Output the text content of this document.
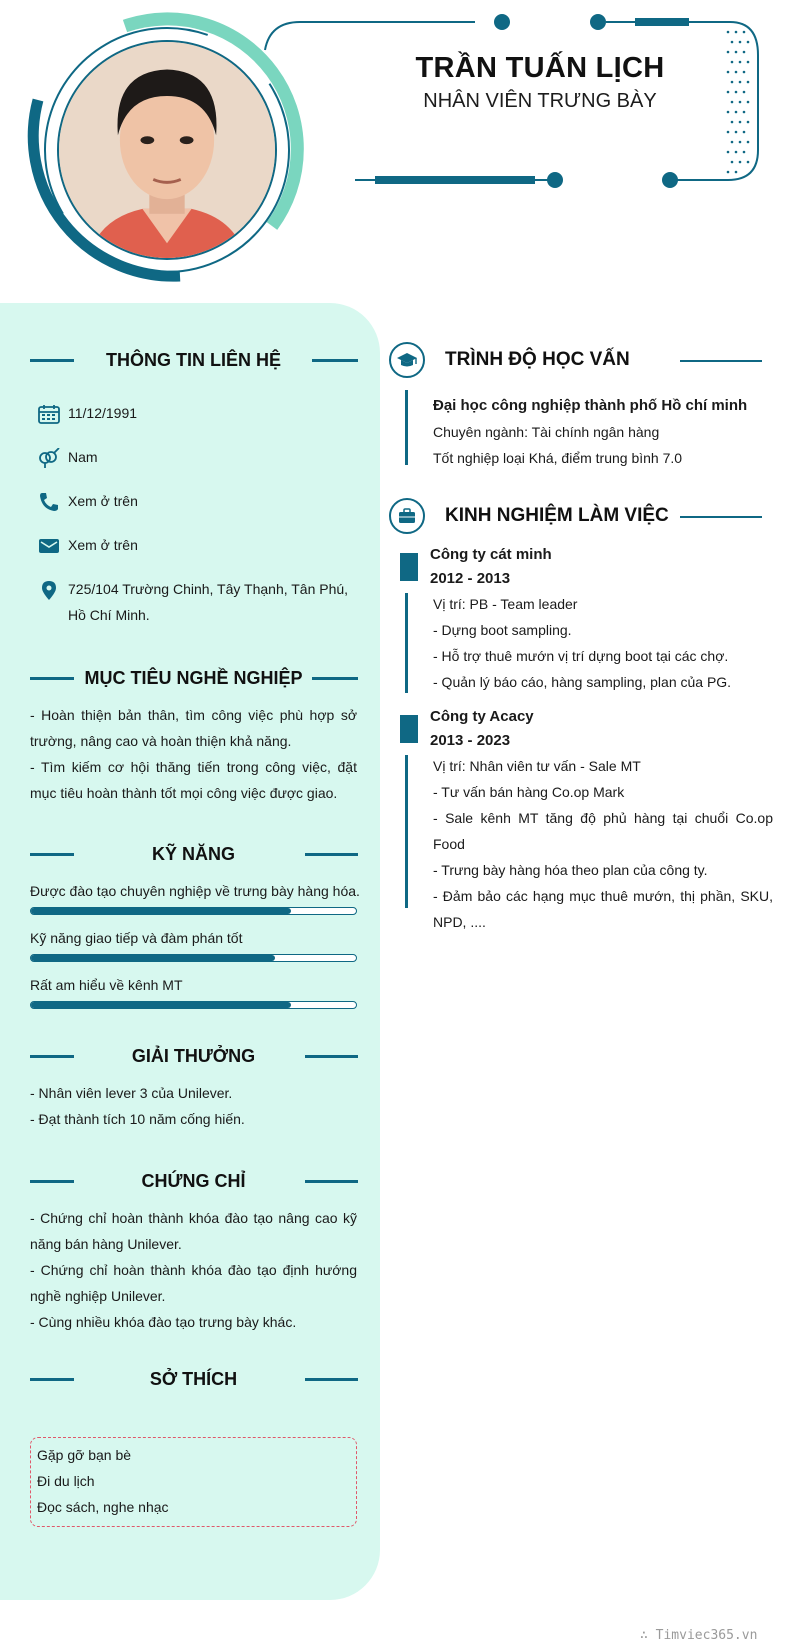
TRẦN TUẤN LỊCH
NHÂN VIÊN TRƯNG BÀY
THÔNG TIN LIÊN HỆ
11/12/1991
Nam
Xem ở trên
Xem ở trên
725/104 Trường Chinh, Tây Thạnh, Tân Phú, Hồ Chí Minh.
MỤC TIÊU NGHỀ NGHIỆP

- Hoàn thiện bản thân, tìm công việc phù hợp sở trường, nâng cao và hoàn thiện khả năng.

- Tìm kiếm cơ hội thăng tiến trong công việc, đặt mục tiêu hoàn thành tốt mọi công việc được giao.

KỸ NĂNG
Được đào tạo chuyên nghiệp về trưng bày hàng hóa.
Kỹ năng giao tiếp và đàm phán tốt
Rất am hiểu về kênh MT
GIẢI THƯỞNG

- Nhân viên lever 3 của Unilever.

- Đạt thành tích 10 năm cống hiến.

CHỨNG CHỈ

- Chứng chỉ hoàn thành khóa đào tạo nâng cao kỹ năng bán hàng Unilever.

- Chứng chỉ hoàn thành khóa đào tạo định hướng nghề nghiệp Unilever.

- Cùng nhiều khóa đào tạo trưng bày khác.

SỞ THÍCH
Gặp gỡ bạn bè
Đi du lịch
Đọc sách, nghe nhạc
TRÌNH ĐỘ HỌC VẤN
Đại học công nghiệp thành phố Hồ chí minh
Chuyên ngành: Tài chính ngân hàng
Tốt nghiệp loại Khá, điểm trung bình 7.0
KINH NGHIỆM LÀM VIỆC
Công ty cát minh
2012 - 2013
Vị trí: PB - Team leader
- Dựng boot sampling.
- Hỗ trợ thuê mướn vị trí dựng boot tại các chợ.
- Quản lý báo cáo, hàng sampling, plan của PG.
Công ty Acacy
2013 - 2023
Vị trí: Nhân viên tư vấn - Sale MT
- Tư vấn bán hàng Co.op Mark
- Sale kênh MT tăng độ phủ hàng tại chuổi Co.op Food
- Trưng bày hàng hóa theo plan của công ty.
- Đảm bảo các hạng mục thuê mướn, thị phần, SKU, NPD, ....
∴ Timviec365.vn
